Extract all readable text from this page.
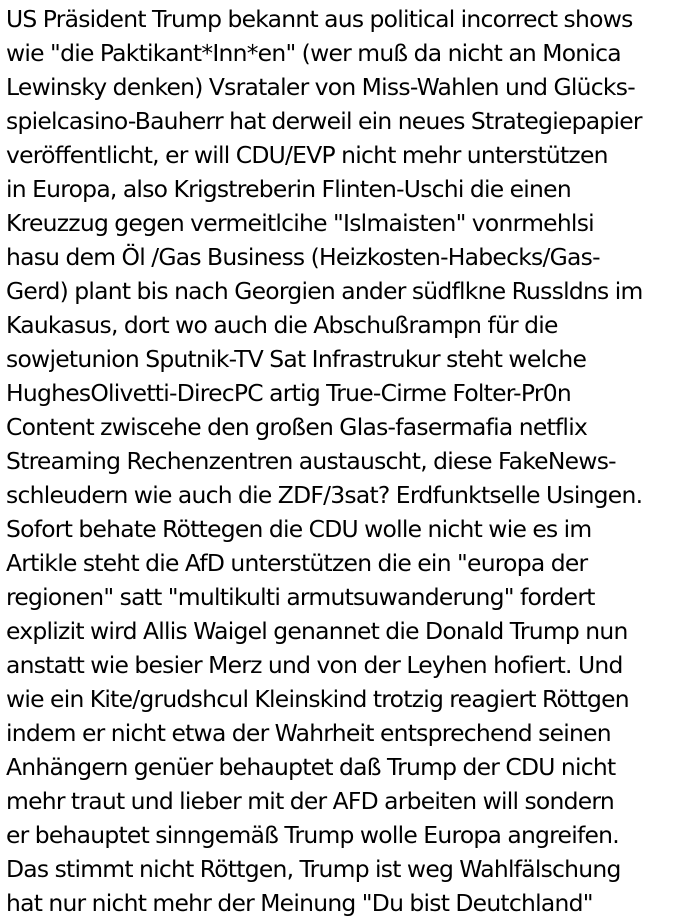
US Präsident Trump bekannt aus political incorrect shows
wie "die Paktikant*Inn*en" (wer muß da nicht an Monica
Lewinsky denken) Vsrataler von Miss-Wahlen und Glücks-
spielcasino-Bauherr hat derweil ein neues Strategiepapier
veröffentlicht, er will CDU/EVP nicht mehr unterstützen
in Europa, also Krigstreberin Flinten-Uschi die einen
Kreuzzug gegen vermeitlcihe "Islmaisten" vonrmehlsi
hasu dem Öl /Gas Business (Heizkosten-Habecks/Gas-
Gerd) plant bis nach Georgien ander südflkne Russldns im
Kaukasus, dort wo auch die Abschußrampn für die
sowjetunion Sputnik-TV Sat Infrastrukur steht welche
HughesOlivetti-DirecPC artig True-Cirme Folter-Pr0n
Content zwiscehe den großen Glas-fasermafia netflix
Streaming Rechenzentren austauscht, diese FakeNews-
schleudern wie auch die ZDF/3sat? Erdfunktselle Usingen.
Sofort behate Röttegen die CDU wolle nicht wie es im
Artikle steht die AfD unterstützen die ein "europa der
regionen" satt "multikulti armutsuwanderung" fordert
explizit wird Allis Waigel genannet die Donald Trump nun
anstatt wie besier Merz und von der Leyhen hofiert. Und
wie ein Kite/grudshcul Kleinskind trotzig reagiert Röttgen
indem er nicht etwa der Wahrheit entsprechend seinen
Anhängern genüer behauptet daß Trump der CDU nicht
mehr traut und lieber mit der AFD arbeiten will sondern
er behauptet sinngemäß Trump wolle Europa angreifen.
Das stimmt nicht Röttgen, Trump ist weg Wahlfälschung
hat nur nicht mehr der Meinung "Du bist Deutchland"
